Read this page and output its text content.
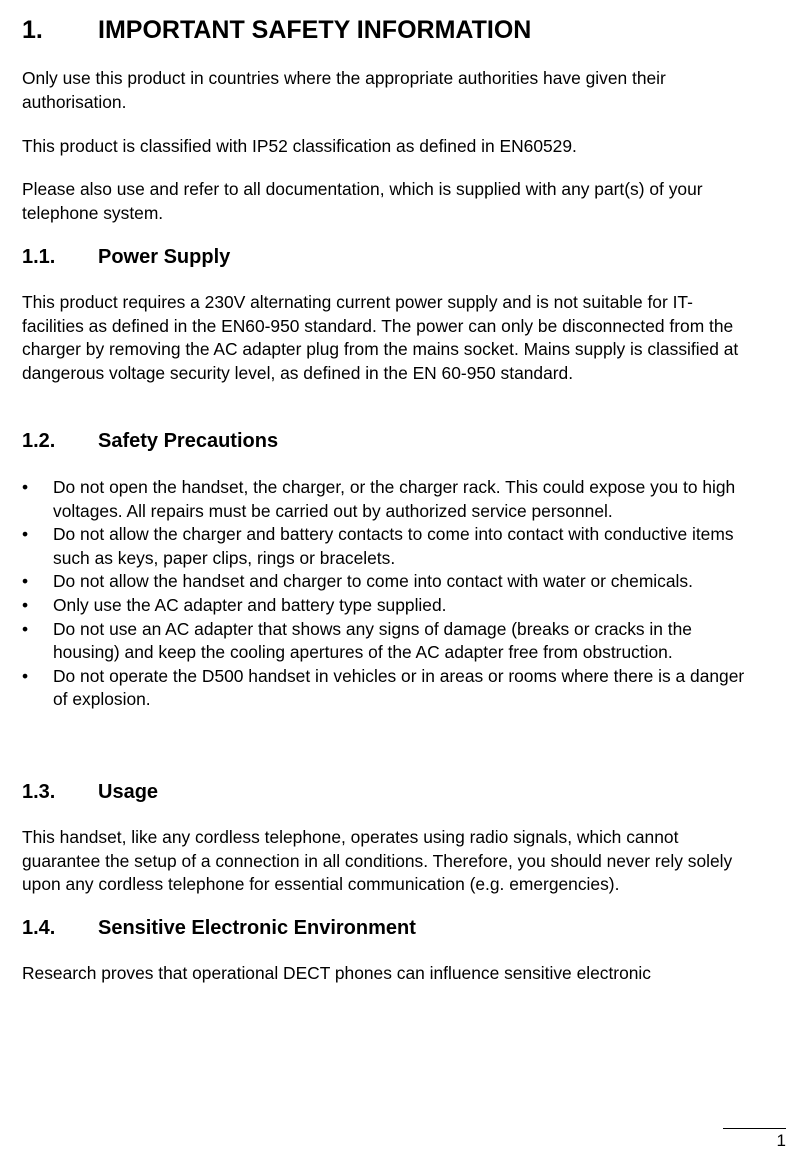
1. IMPORTANT SAFETY INFORMATION

Only use this product in countries where the appropriate authorities have given their authorisation.

This product is classified with IP52 classification as defined in EN60529.

Please also use and refer to all documentation, which is supplied with any part(s) of your telephone system.

1.1. Power Supply

This product requires a 230V alternating current power supply and is not suitable for IT-facilities as defined in the EN60-950 standard. The power can only be disconnected from the charger by removing the AC adapter plug from the mains socket. Mains supply is classified at dangerous voltage security level, as defined in the EN 60-950 standard.

1.2. Safety Precautions
• Do not open the handset, the charger, or the charger rack. This could expose you to high voltages. All repairs must be carried out by authorized service personnel.
• Do not allow the charger and battery contacts to come into contact with conductive items such as keys, paper clips, rings or bracelets.
• Do not allow the handset and charger to come into contact with water or chemicals.
• Only use the AC adapter and battery type supplied.
• Do not use an AC adapter that shows any signs of damage (breaks or cracks in the housing) and keep the cooling apertures of the AC adapter free from obstruction.
• Do not operate the D500 handset in vehicles or in areas or rooms where there is a danger of explosion.
1.3. Usage

This handset, like any cordless telephone, operates using radio signals, which cannot guarantee the setup of a connection in all conditions. Therefore, you should never rely solely upon any cordless telephone for essential communication (e.g. emergencies).

1.4. Sensitive Electronic Environment

Research proves that operational DECT phones can influence sensitive electronic

1
